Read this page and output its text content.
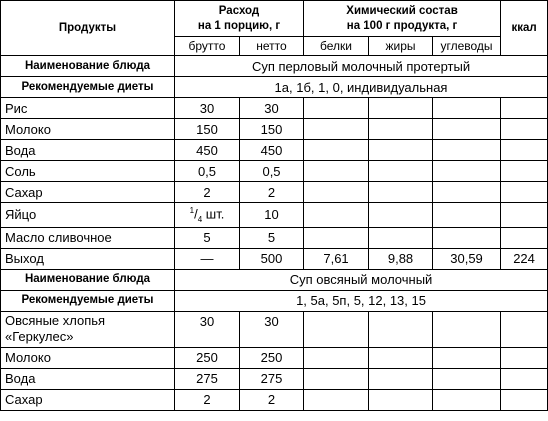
Продукты	Расход
на 1 порцию, г		Химический состав
на 100 г продукта, г			ккал
	брутто	нетто	белки	жиры	углеводы	
Наименование блюда	Суп перловый молочный протертый					
Рекомендуемые диеты	1а, 1б, 1, 0, индивидуальная					
Рис	30	30				
Молоко	150	150				
Вода	450	450				
Соль	0,5	0,5				
Сахар	2	2				
Яйцо	$^1/_4$ шт.	10				
Масло сливочное	5	5				
Выход	—	500	7,61	9,88	30,59	224
Наименование блюда	Суп овсяный молочный					
Рекомендуемые диеты	1, 5а, 5п, 5, 12, 13, 15					
Овсяные хлопья «Геркулес»	30	30				
Молоко	250	250				
Вода	275	275				
Сахар	2	2				
